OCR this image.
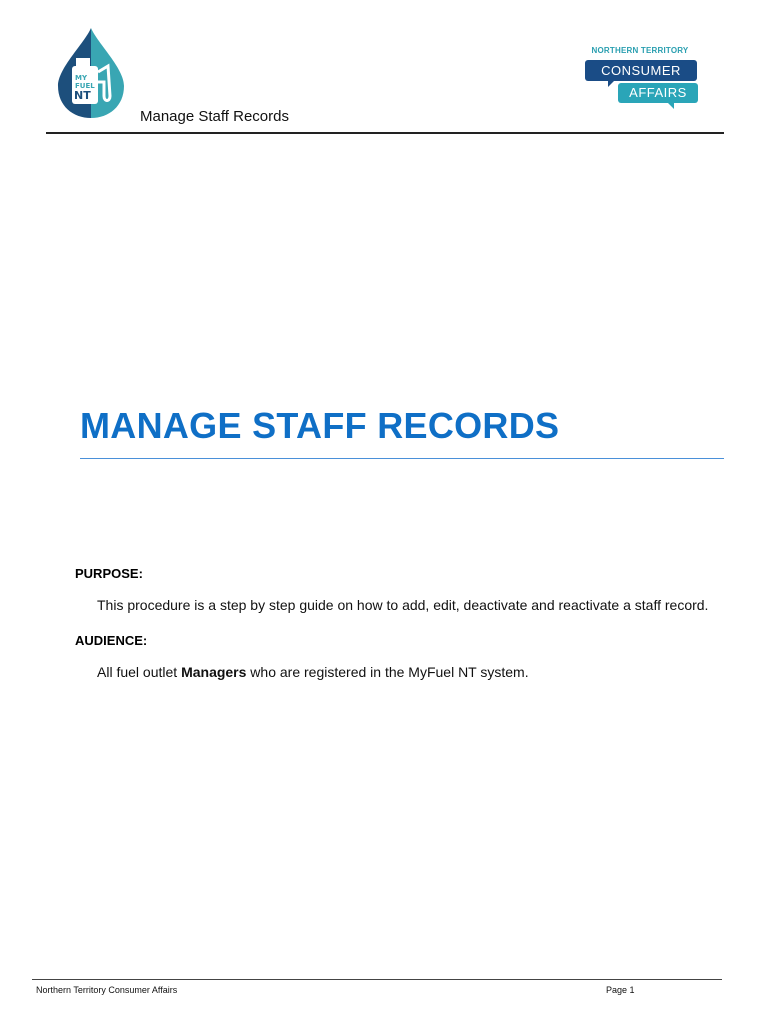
MY
FUEL
NT
Manage Staff Records
NORTHERN TERRITORY
CONSUMER
AFFAIRS
MANAGE STAFF RECORDS
PURPOSE:
This procedure is a step by step guide on how to add, edit, deactivate and reactivate a staff record.
AUDIENCE:
All fuel outlet Managers who are registered in the MyFuel NT system.
Northern Territory Consumer Affairs	Page 1
